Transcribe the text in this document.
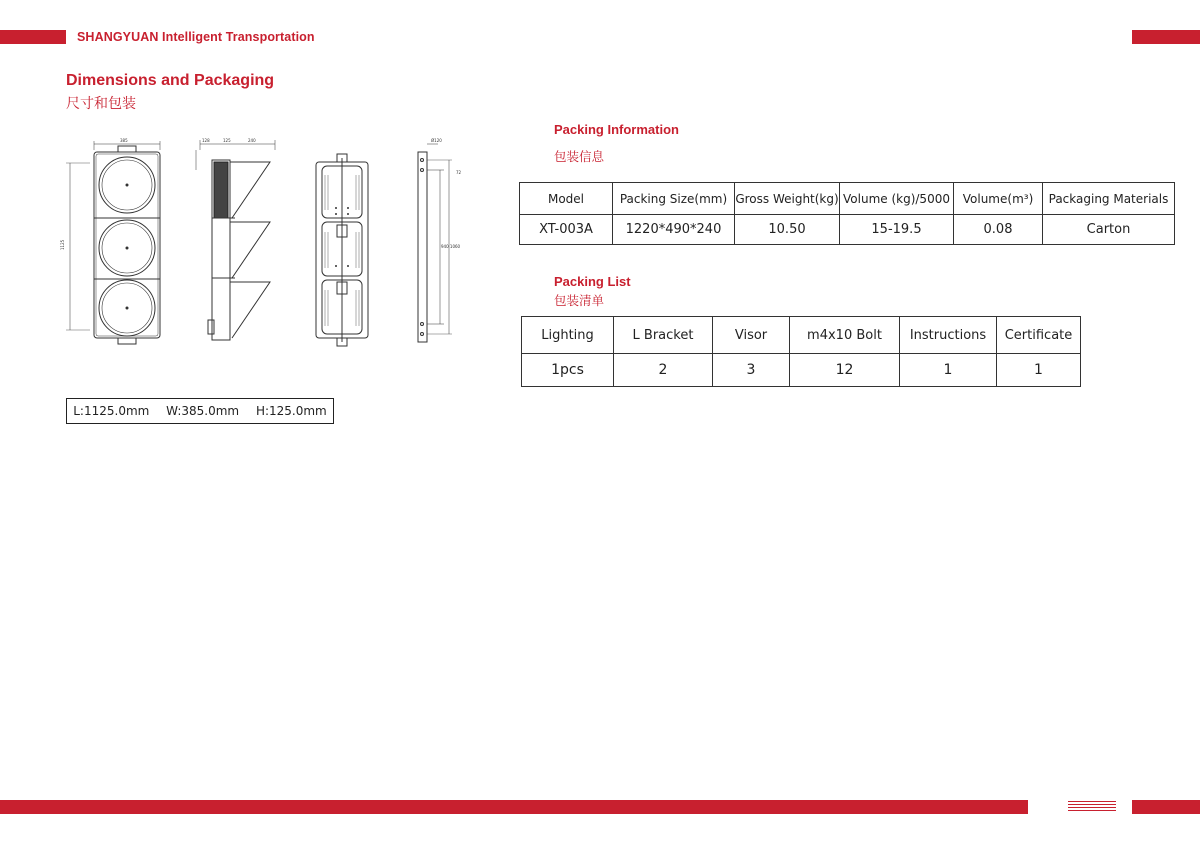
SHANGYUAN Intelligent Transportation
Dimensions and Packaging
尺寸和包装
385
1125
128	125	240	Ø120
72
940 1060
L:1125.0mm W:385.0mm H:125.0mm
Packing Information
包装信息
Model	Packing Size(mm)	Gross Weight(kg)	Volume (kg)/5000	Volume(m³)	Packaging Materials
XT-003A	1220*490*240	10.50	15-19.5	0.08	Carton
Packing List
包装清单
Lighting	L Bracket	Visor	m4x10 Bolt	Instructions	Certificate
1pcs	2	3	12	1	1
